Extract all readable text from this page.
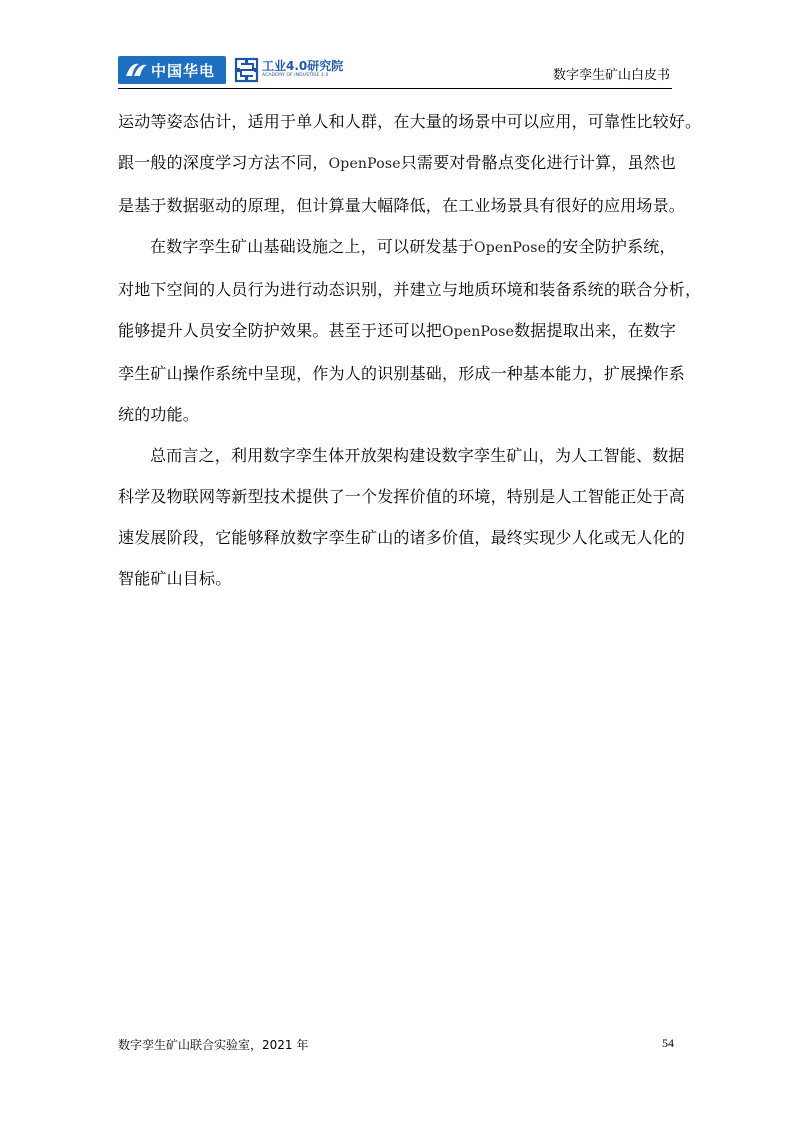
中国华电	工业4.0研究院
ACADEMY OF INDUSTRIE 4.0	数字孪生矿山白皮书

运动等姿态估计，适用于单人和人群，在大量的场景中可以应用，可靠性比较好。

跟一般的深度学习方法不同，OpenPose只需要对骨骼点变化进行计算，虽然也

是基于数据驱动的原理，但计算量大幅降低，在工业场景具有很好的应用场景。

在数字孪生矿山基础设施之上，可以研发基于OpenPose的安全防护系统，

对地下空间的人员行为进行动态识别，并建立与地质环境和装备系统的联合分析，

能够提升人员安全防护效果。甚至于还可以把OpenPose数据提取出来，在数字

孪生矿山操作系统中呈现，作为人的识别基础，形成一种基本能力，扩展操作系

统的功能。

总而言之，利用数字孪生体开放架构建设数字孪生矿山，为人工智能、数据

科学及物联网等新型技术提供了一个发挥价值的环境，特别是人工智能正处于高

速发展阶段，它能够释放数字孪生矿山的诸多价值，最终实现少人化或无人化的

智能矿山目标。

数字孪生矿山联合实验室，2021 年	54
